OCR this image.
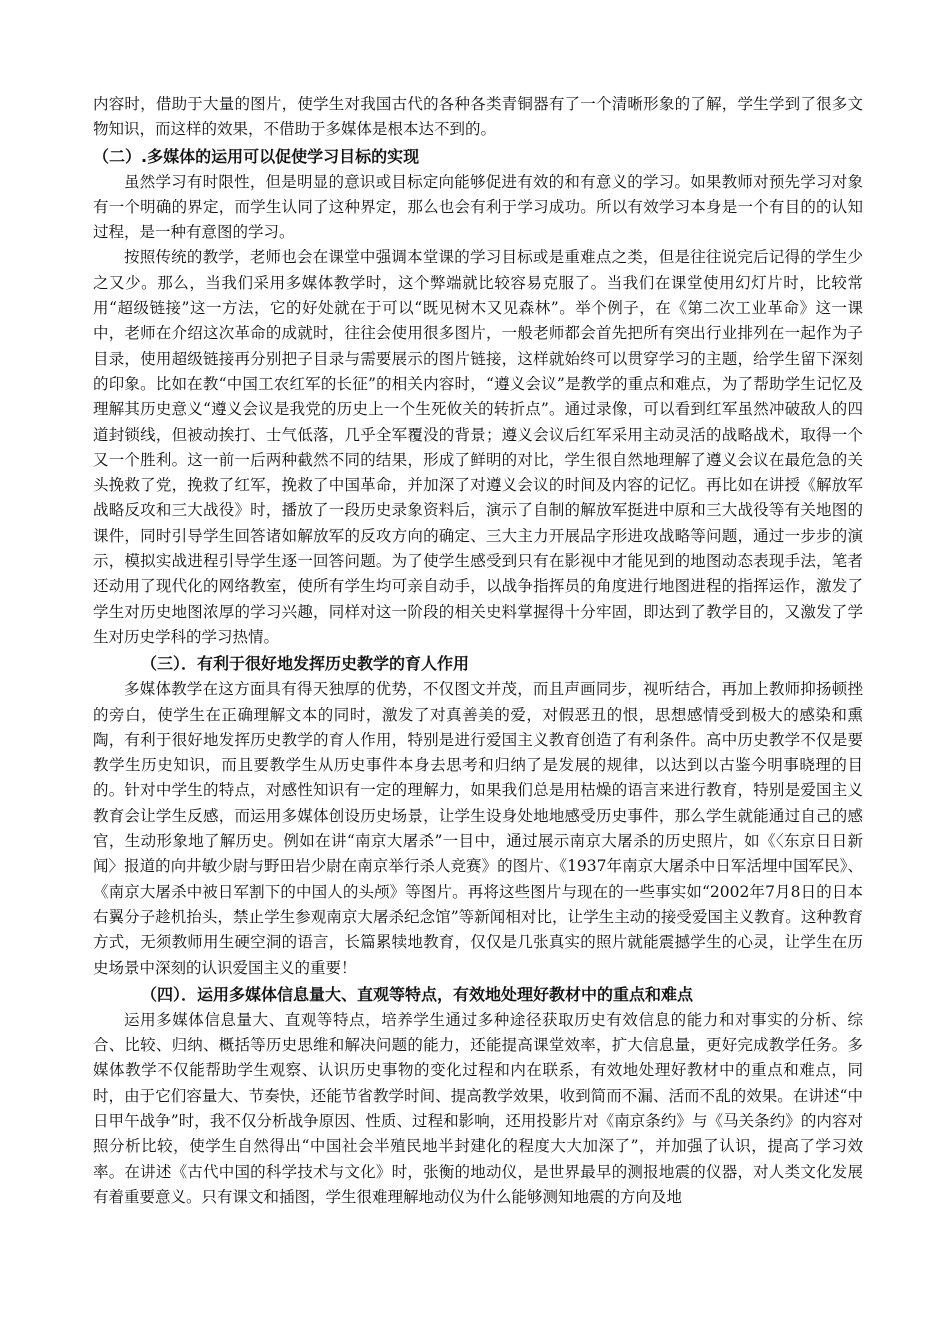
内容时，借助于大量的图片，使学生对我国古代的各种各类青铜器有了一个清晰形象的了解，学生学到了很多文物知识，而这样的效果，不借助于多媒体是根本达不到的。

（二）.多媒体的运用可以促使学习目标的实现

虽然学习有时限性，但是明显的意识或目标定向能够促进有效的和有意义的学习。如果教师对预先学习对象有一个明确的界定，而学生认同了这种界定，那么也会有利于学习成功。所以有效学习本身是一个有目的的认知过程，是一种有意图的学习。

按照传统的教学，老师也会在课堂中强调本堂课的学习目标或是重难点之类，但是往往说完后记得的学生少之又少。那么，当我们采用多媒体教学时，这个弊端就比较容易克服了。当我们在课堂使用幻灯片时，比较常用“超级链接”这一方法，它的好处就在于可以“既见树木又见森林”。举个例子，在《第二次工业革命》这一课中，老师在介绍这次革命的成就时，往往会使用很多图片，一般老师都会首先把所有突出行业排列在一起作为子目录，使用超级链接再分别把子目录与需要展示的图片链接，这样就始终可以贯穿学习的主题，给学生留下深刻的印象。比如在教“中国工农红军的长征”的相关内容时，“遵义会议”是教学的重点和难点，为了帮助学生记忆及理解其历史意义“遵义会议是我党的历史上一个生死攸关的转折点”。通过录像，可以看到红军虽然冲破敌人的四道封锁线，但被动挨打、士气低落，几乎全军覆没的背景；遵义会议后红军采用主动灵活的战略战术，取得一个又一个胜利。这一前一后两种截然不同的结果，形成了鲜明的对比，学生很自然地理解了遵义会议在最危急的关头挽救了党，挽救了红军，挽救了中国革命，并加深了对遵义会议的时间及内容的记忆。再比如在讲授《解放军战略反攻和三大战役》时，播放了一段历史录象资料后，演示了自制的解放军挺进中原和三大战役等有关地图的课件，同时引导学生回答诸如解放军的反攻方向的确定、三大主力开展品字形进攻战略等问题，通过一步步的演示，模拟实战进程引导学生逐一回答问题。为了使学生感受到只有在影视中才能见到的地图动态表现手法，笔者还动用了现代化的网络教室，使所有学生均可亲自动手，以战争指挥员的角度进行地图进程的指挥运作，激发了学生对历史地图浓厚的学习兴趣，同样对这一阶段的相关史料掌握得十分牢固，即达到了教学目的，又激发了学生对历史学科的学习热情。

（三）．有利于很好地发挥历史教学的育人作用

多媒体教学在这方面具有得天独厚的优势，不仅图文并茂，而且声画同步，视听结合，再加上教师抑扬顿挫的旁白，使学生在正确理解文本的同时，激发了对真善美的爱，对假恶丑的恨，思想感情受到极大的感染和熏陶，有利于很好地发挥历史教学的育人作用，特别是进行爱国主义教育创造了有利条件。高中历史教学不仅是要教学生历史知识，而且要教学生从历史事件本身去思考和归纳了是发展的规律，以达到以古鉴今明事晓理的目的。针对中学生的特点，对感性知识有一定的理解力，如果我们总是用枯燥的语言来进行教育，特别是爱国主义教育会让学生反感，而运用多媒体创设历史场景，让学生设身处地地感受历史事件，那么学生就能通过自己的感官，生动形象地了解历史。例如在讲“南京大屠杀”一目中，通过展示南京大屠杀的历史照片，如《〈东京日日新闻〉报道的向井敏少尉与野田岩少尉在南京举行杀人竞赛》的图片、《1937年南京大屠杀中日军活埋中国军民》、《南京大屠杀中被日军割下的中国人的头颅》等图片。再将这些图片与现在的一些事实如“2002年7月8日的日本右翼分子趁机抬头，禁止学生参观南京大屠杀纪念馆”等新闻相对比，让学生主动的接受爱国主义教育。这种教育方式，无须教师用生硬空洞的语言，长篇累犊地教育，仅仅是几张真实的照片就能震撼学生的心灵，让学生在历史场景中深刻的认识爱国主义的重要！

（四）．运用多媒体信息量大、直观等特点，有效地处理好教材中的重点和难点

运用多媒体信息量大、直观等特点，培养学生通过多种途径获取历史有效信息的能力和对事实的分析、综合、比较、归纳、概括等历史思维和解决问题的能力，还能提高课堂效率，扩大信息量，更好完成教学任务。多媒体教学不仅能帮助学生观察、认识历史事物的变化过程和内在联系，有效地处理好教材中的重点和难点，同时，由于它们容量大、节奏快，还能节省教学时间、提高教学效果，收到简而不漏、活而不乱的效果。在讲述“中日甲午战争”时，我不仅分析战争原因、性质、过程和影响，还用投影片对《南京条约》与《马关条约》的内容对照分析比较，使学生自然得出“中国社会半殖民地半封建化的程度大大加深了”，并加强了认识，提高了学习效率。在讲述《古代中国的科学技术与文化》时，张衡的地动仪，是世界最早的测报地震的仪器，对人类文化发展有着重要意义。只有课文和插图，学生很难理解地动仪为什么能够测知地震的方向及地
